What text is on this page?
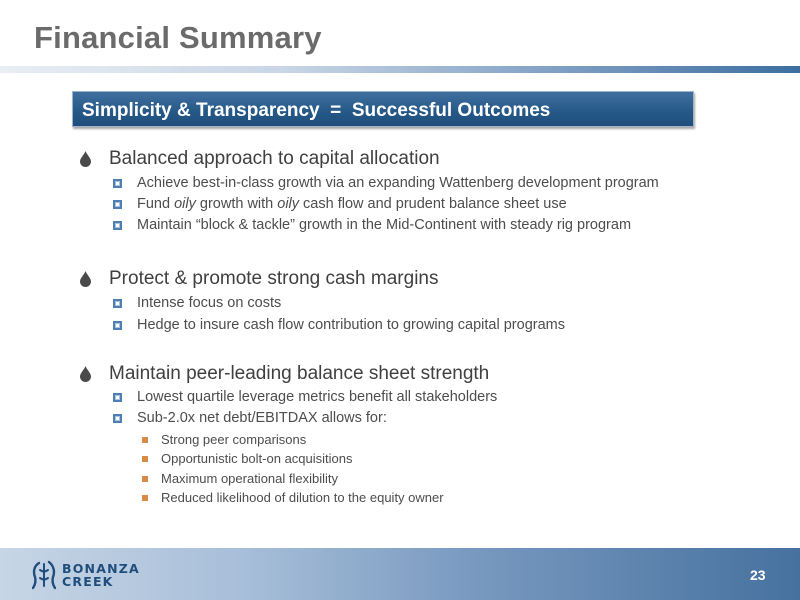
Financial Summary
Simplicity & Transparency = Successful Outcomes
Balanced approach to capital allocation
Achieve best-in-class growth via an expanding Wattenberg development program
Fund oily growth with oily cash flow and prudent balance sheet use
Maintain “block & tackle” growth in the Mid-Continent with steady rig program
Protect & promote strong cash margins
Intense focus on costs
Hedge to insure cash flow contribution to growing capital programs
Maintain peer-leading balance sheet strength
Lowest quartile leverage metrics benefit all stakeholders
Sub-2.0x net debt/EBITDAX allows for:
Strong peer comparisons
Opportunistic bolt-on acquisitions
Maximum operational flexibility
Reduced likelihood of dilution to the equity owner
BONANZA
CREEK	23
